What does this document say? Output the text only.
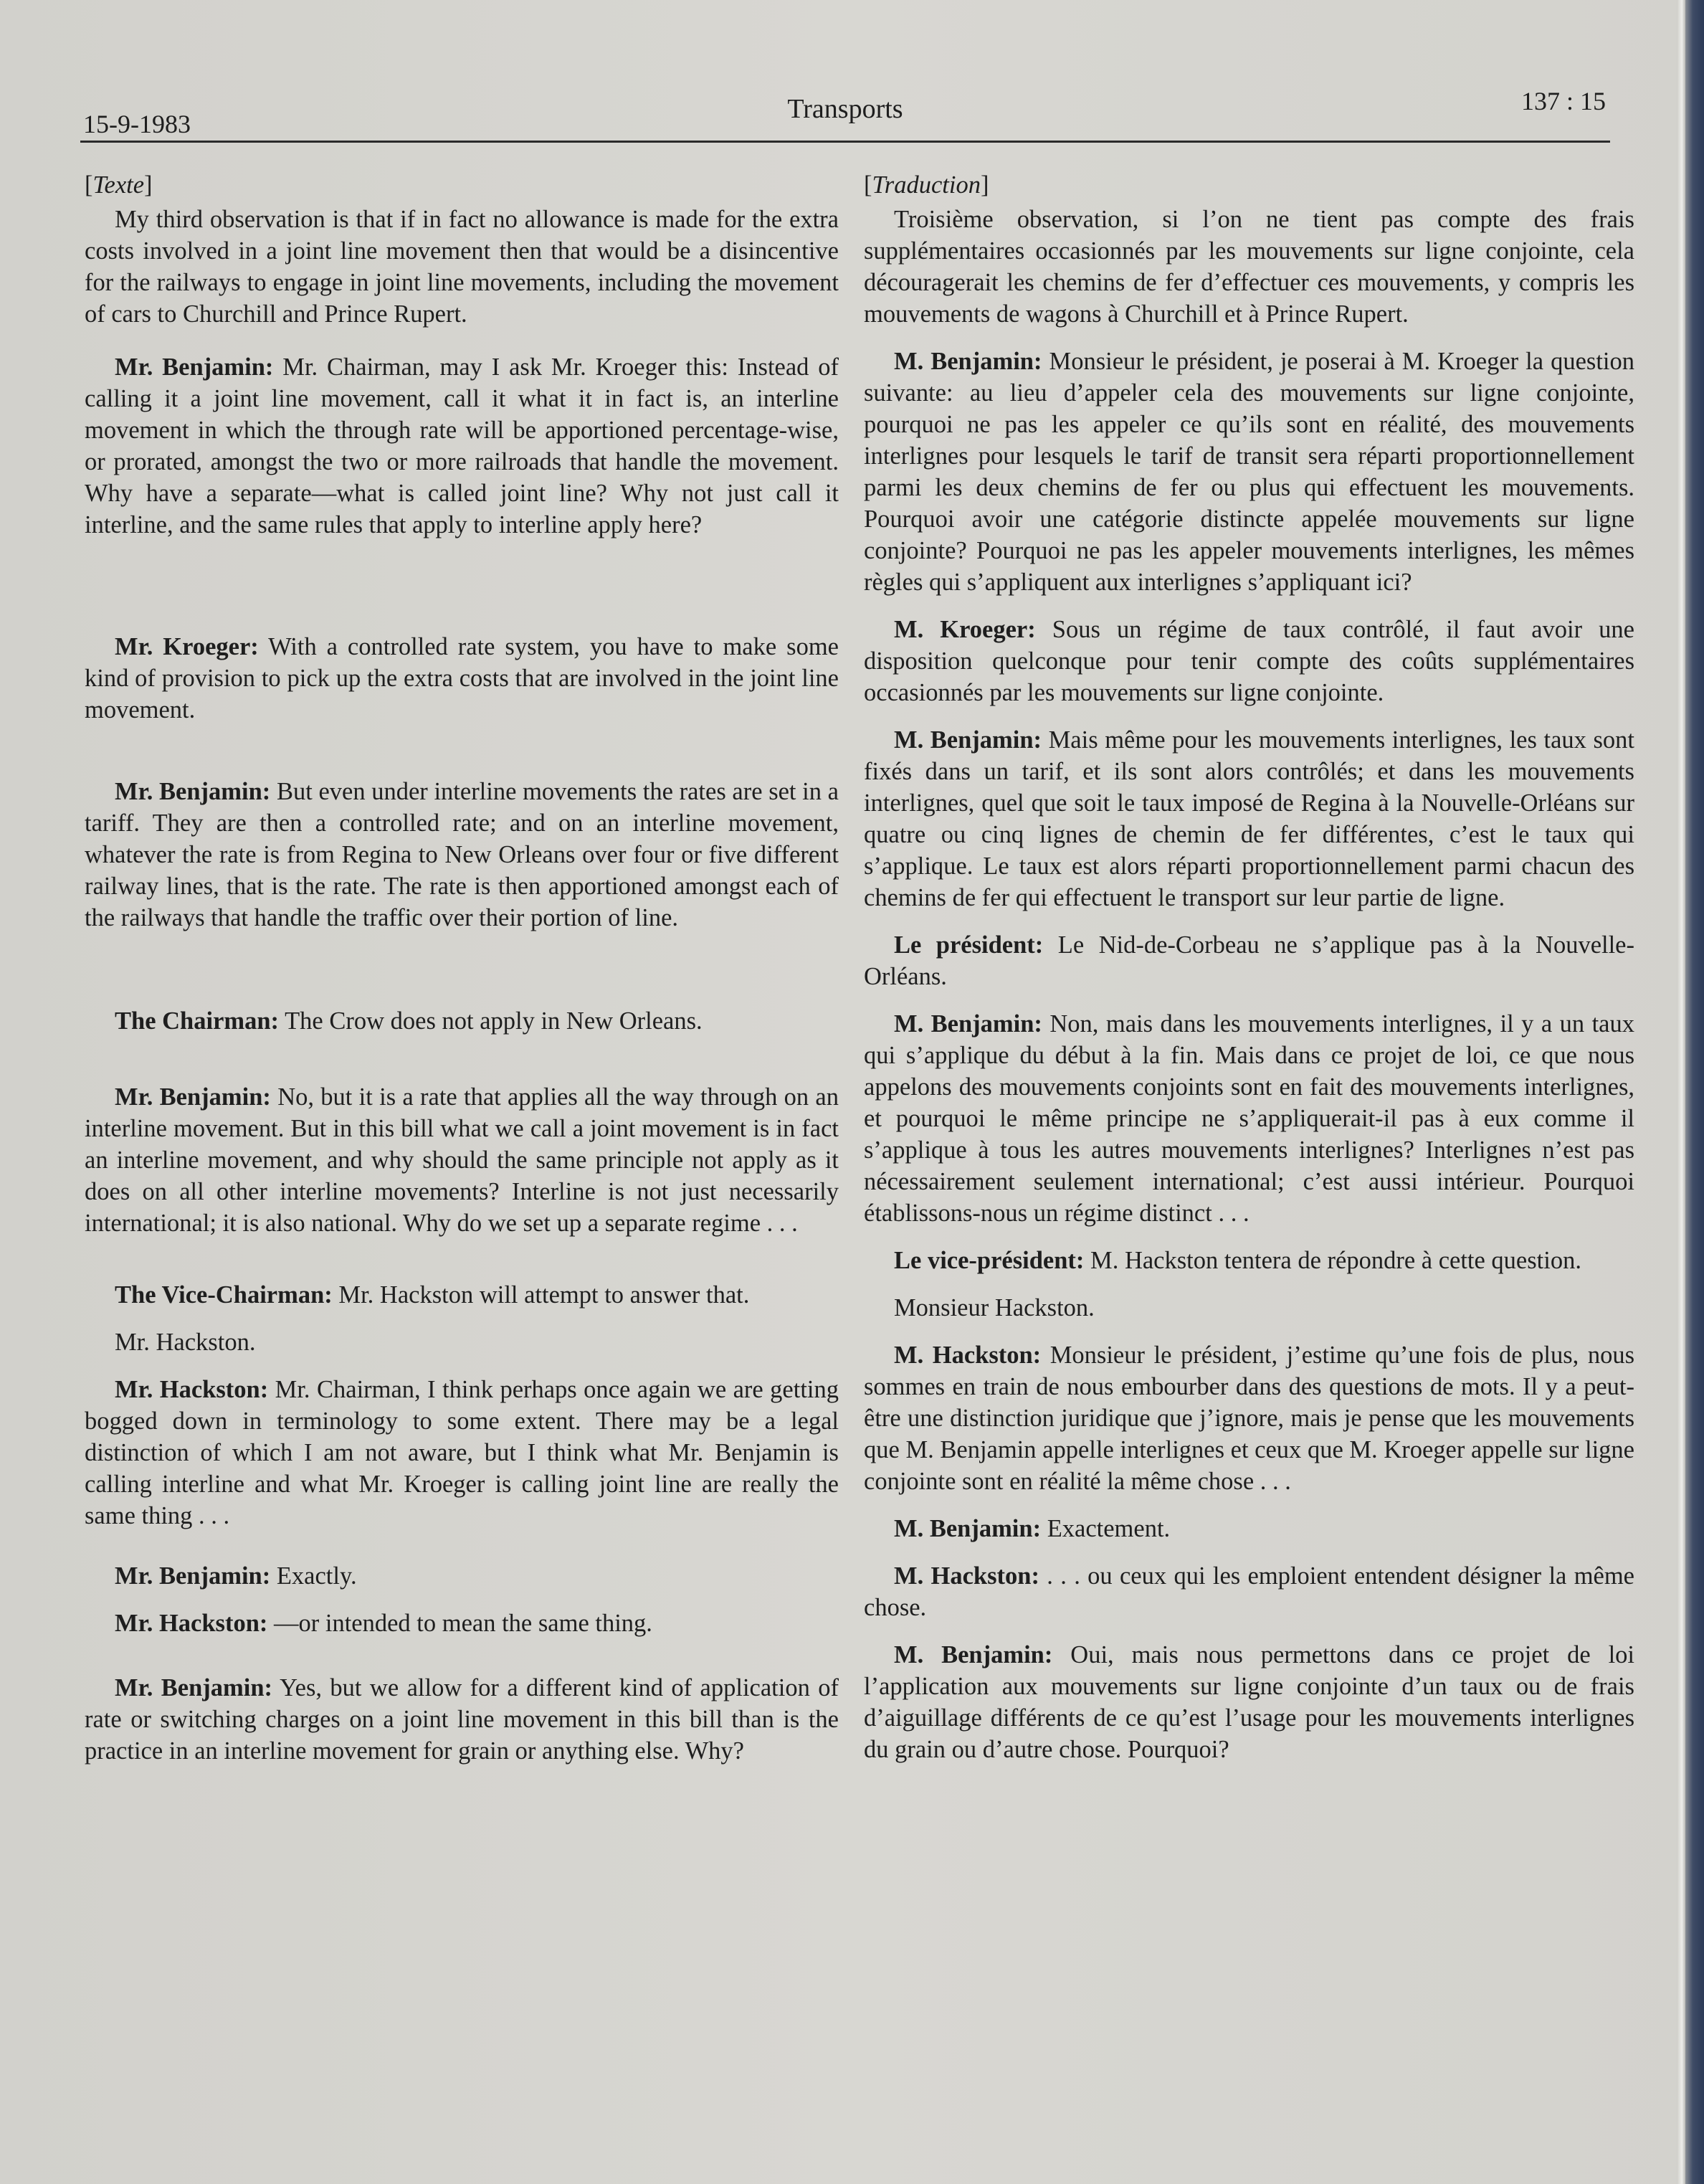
15-9-1983	Transports	137 : 15
[Texte]

My third observation is that if in fact no allowance is made for the extra costs involved in a joint line movement then that would be a disincentive for the railways to engage in joint line movements, including the movement of cars to Churchill and Prince Rupert.

Mr. Benjamin: Mr. Chairman, may I ask Mr. Kroeger this: Instead of calling it a joint line movement, call it what it in fact is, an interline movement in which the through rate will be apportioned percentage-wise, or prorated, amongst the two or more railroads that handle the movement. Why have a separate—what is called joint line? Why not just call it interline, and the same rules that apply to interline apply here?

Mr. Kroeger: With a controlled rate system, you have to make some kind of provision to pick up the extra costs that are involved in the joint line movement.

Mr. Benjamin: But even under interline movements the rates are set in a tariff. They are then a controlled rate; and on an interline movement, whatever the rate is from Regina to New Orleans over four or five different railway lines, that is the rate. The rate is then apportioned amongst each of the railways that handle the traffic over their portion of line.

The Chairman: The Crow does not apply in New Orleans.

Mr. Benjamin: No, but it is a rate that applies all the way through on an interline movement. But in this bill what we call a joint movement is in fact an interline movement, and why should the same principle not apply as it does on all other interline movements? Interline is not just necessarily international; it is also national. Why do we set up a separate regime . . .

The Vice-Chairman: Mr. Hackston will attempt to answer that.

Mr. Hackston.

Mr. Hackston: Mr. Chairman, I think perhaps once again we are getting bogged down in terminology to some extent. There may be a legal distinction of which I am not aware, but I think what Mr. Benjamin is calling interline and what Mr. Kroeger is calling joint line are really the same thing . . .

Mr. Benjamin: Exactly.

Mr. Hackston: —or intended to mean the same thing.

Mr. Benjamin: Yes, but we allow for a different kind of application of rate or switching charges on a joint line movement in this bill than is the practice in an interline movement for grain or anything else. Why?

[Traduction]

Troisième observation, si l’on ne tient pas compte des frais supplémentaires occasionnés par les mouvements sur ligne conjointe, cela découragerait les chemins de fer d’effectuer ces mouvements, y compris les mouvements de wagons à Churchill et à Prince Rupert.

M. Benjamin: Monsieur le président, je poserai à M. Kroeger la question suivante: au lieu d’appeler cela des mouvements sur ligne conjointe, pourquoi ne pas les appeler ce qu’ils sont en réalité, des mouvements interlignes pour lesquels le tarif de transit sera réparti proportionnellement parmi les deux chemins de fer ou plus qui effectuent les mouvements. Pourquoi avoir une catégorie distincte appelée mouvements sur ligne conjointe? Pourquoi ne pas les appeler mouvements interlignes, les mêmes règles qui s’appliquent aux interlignes s’appliquant ici?

M. Kroeger: Sous un régime de taux contrôlé, il faut avoir une disposition quelconque pour tenir compte des coûts supplémentaires occasionnés par les mouvements sur ligne conjointe.

M. Benjamin: Mais même pour les mouvements interlignes, les taux sont fixés dans un tarif, et ils sont alors contrôlés; et dans les mouvements interlignes, quel que soit le taux imposé de Regina à la Nouvelle-Orléans sur quatre ou cinq lignes de chemin de fer différentes, c’est le taux qui s’applique. Le taux est alors réparti proportionnellement parmi chacun des chemins de fer qui effectuent le transport sur leur partie de ligne.

Le président: Le Nid-de-Corbeau ne s’applique pas à la Nouvelle-Orléans.

M. Benjamin: Non, mais dans les mouvements interlignes, il y a un taux qui s’applique du début à la fin. Mais dans ce projet de loi, ce que nous appelons des mouvements conjoints sont en fait des mouvements interlignes, et pourquoi le même principe ne s’appliquerait-il pas à eux comme il s’applique à tous les autres mouvements interlignes? Interlignes n’est pas nécessairement seulement international; c’est aussi intérieur. Pourquoi établissons-nous un régime distinct . . .

Le vice-président: M. Hackston tentera de répondre à cette question.

Monsieur Hackston.

M. Hackston: Monsieur le président, j’estime qu’une fois de plus, nous sommes en train de nous embourber dans des questions de mots. Il y a peut-être une distinction juridique que j’ignore, mais je pense que les mouvements que M. Benjamin appelle interlignes et ceux que M. Kroeger appelle sur ligne conjointe sont en réalité la même chose . . .

M. Benjamin: Exactement.

M. Hackston: . . . ou ceux qui les emploient entendent désigner la même chose.

M. Benjamin: Oui, mais nous permettons dans ce projet de loi l’application aux mouvements sur ligne conjointe d’un taux ou de frais d’aiguillage différents de ce qu’est l’usage pour les mouvements interlignes du grain ou d’autre chose. Pourquoi?
